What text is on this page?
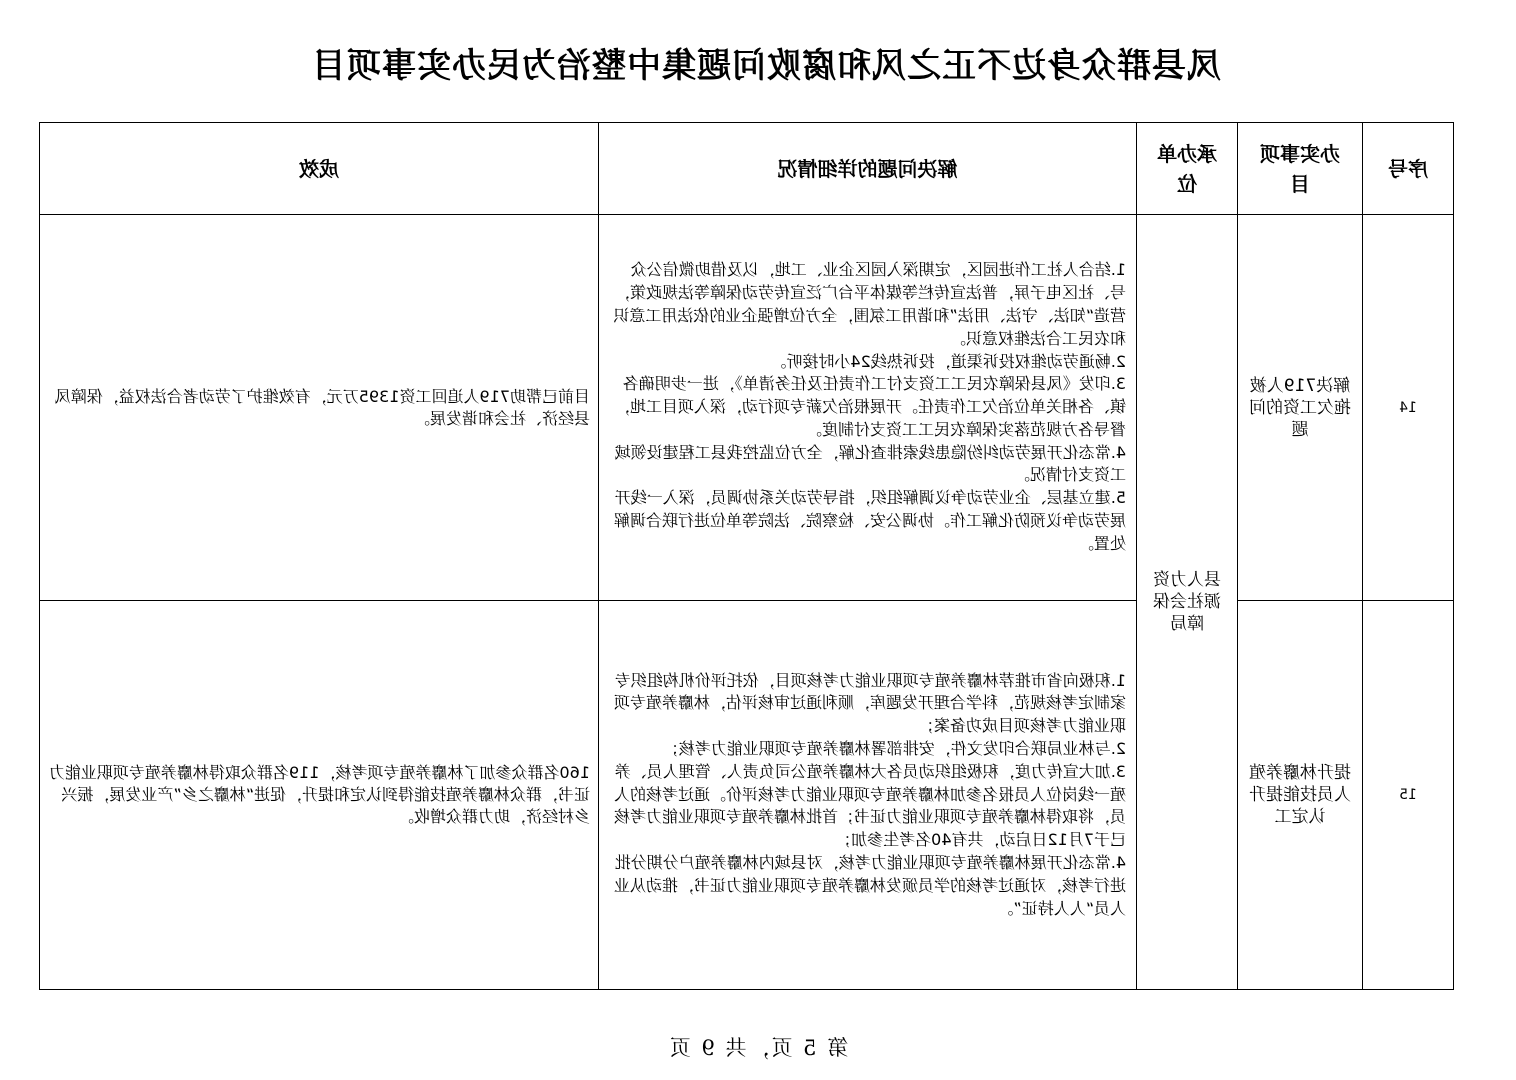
凤县群众身边不正之风和腐败问题集中整治为民办实事项目
序号	办实事项目	承办单位	解决问题的详细情况	成效
14	解决719人被拖欠工资的问题	县人力资源社会保障局	1.结合人社工作进园区，定期深入园区企业、工地，以及借助微信公众号、社区电子屏，普法宣传栏等媒体平台广泛宣传劳动保障等法规政策，营造“知法、守法、用法”和谐用工氛围，全方位增强企业的依法用工意识和农民工合法维权意识。
2.畅通劳动维权投诉渠道，投诉热线24小时接听。
3.印发《凤县保障农民工工资支付工作责任及任务清单》，进一步明确各镇、各相关单位治欠工作责任。开展根治欠薪专项行动，深入项目工地，督导各方规范落实保障农民工工资支付制度。
4.常态化开展劳动纠纷隐患线索排查化解，全方位监控我县工程建设领域工资支付情况。
5.建立基层、企业劳动争议调解组织，指导劳动关系协调员，深入一线开展劳动争议预防化解工作。协调公安、检察院、法院等单位进行联合调解处置。	目前已帮助719人追回工资1395万元，有效维护了劳动者合法权益，保障凤县经济、社会和谐发展。
15	提升林麝养殖人员技能提升认定工		1.积极向省市推荐林麝养殖专项职业能力考核项目，依托评价机构组织专家制定考核规范，科学合理开发题库，顺利通过审核评估，林麝养殖专项职业能力考核项目成功备案；
2.与林业局联合印发文件，安排部署林麝养殖专项职业能力考核；
3.加大宣传力度，积极组织动员各大林麝养殖公司负责人、管理人员、养殖一线岗位人员报名参加林麝养殖专项职业能力考核评价。通过考核的人员，将取得林麝养殖专项职业能力证书；首批林麝养殖专项职业能力考核已于7月12日启动，共有40名考生参加；
4.常态化开展林麝养殖专项职业能力考核，对县域内林麝养殖户分期分批进行考核，对通过考核的学员颁发林麝养殖专项职业能力证书，推动从业人员“人人持证”。	160名群众参加了林麝养殖专项考核，119名群众取得林麝养殖专项职业能力证书，群众林麝养殖技能得到认定和提升，促进“林麝之乡”产业发展，振兴乡村经济，助力群众增收。
第 5 页，共 9 页
